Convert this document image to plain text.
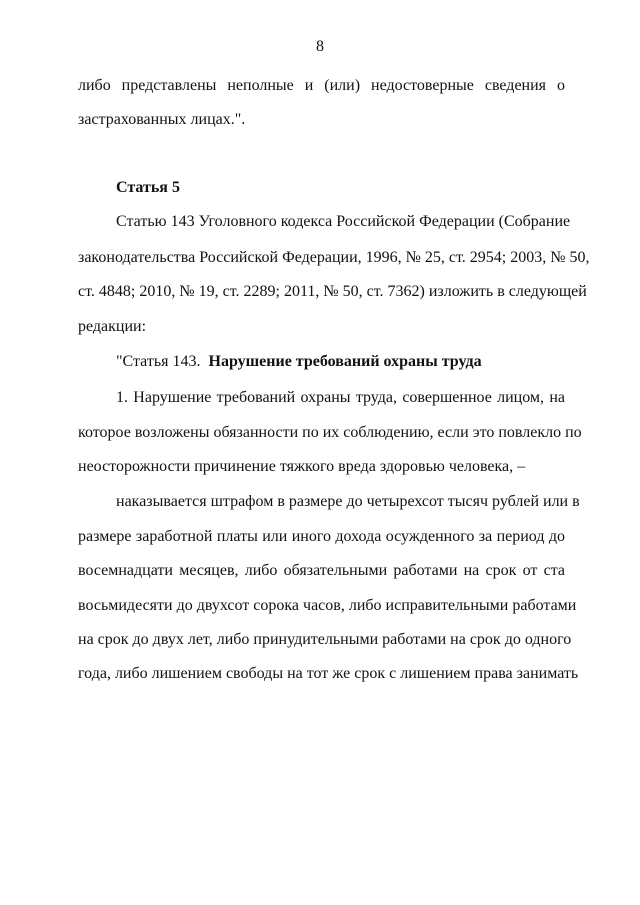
8
либо представлены неполные и (или) недостоверные сведения о
застрахованных лицах.".
Статья 5
Статью 143 Уголовного кодекса Российской Федерации (Собрание
законодательства Российской Федерации, 1996, № 25, ст. 2954; 2003, № 50,
ст. 4848; 2010, № 19, ст. 2289; 2011, № 50, ст. 7362) изложить в следующей
редакции:
"Статья 143. Нарушение требований охраны труда
1. Нарушение требований охраны труда, совершенное лицом, на
которое возложены обязанности по их соблюдению, если это повлекло по
неосторожности причинение тяжкого вреда здоровью человека, –
наказывается штрафом в размере до четырехсот тысяч рублей или в
размере заработной платы или иного дохода осужденного за период до
восемнадцати месяцев, либо обязательными работами на срок от ста
восьмидесяти до двухсот сорока часов, либо исправительными работами
на срок до двух лет, либо принудительными работами на срок до одного
года, либо лишением свободы на тот же срок с лишением права занимать
